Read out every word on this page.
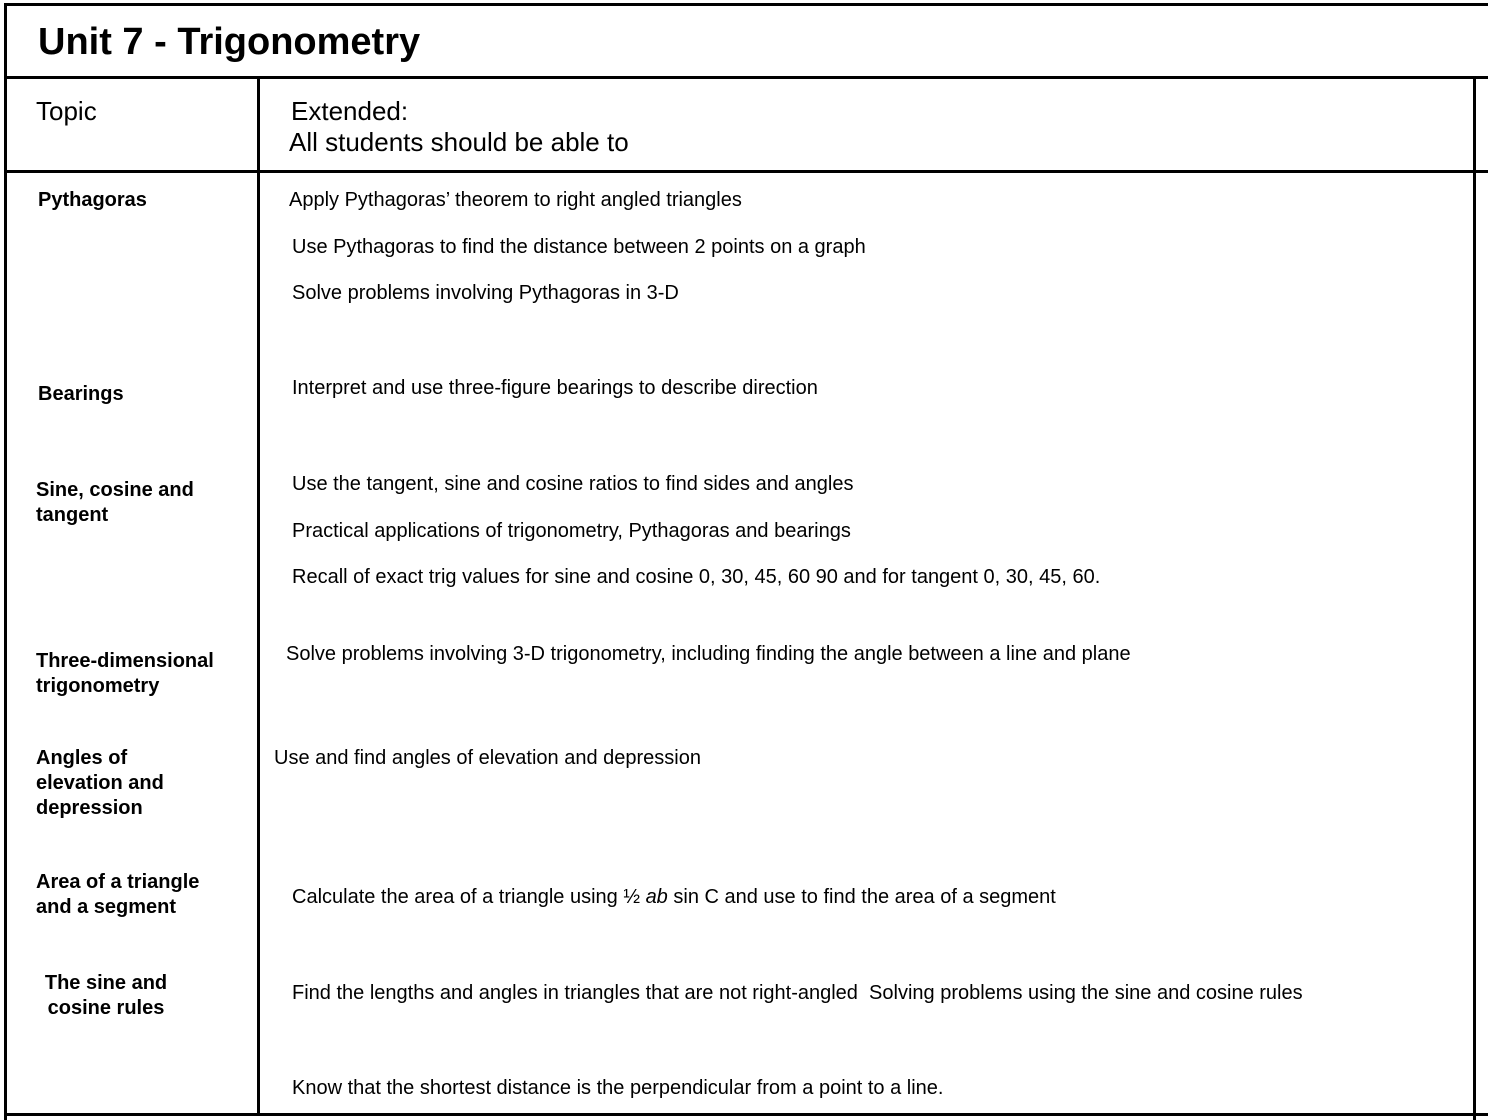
Unit 7 - Trigonometry
Topic	Extended:
All students should be able to
Pythagoras
Bearings
Sine, cosine and tangent
Three-dimensional trigonometry
Angles of elevation and depression
Area of a triangle and a segment
The sine and cosine rules
Apply Pythagoras’ theorem to right angled triangles
Use Pythagoras to find the distance between 2 points on a graph
Solve problems involving Pythagoras in 3-D
Interpret and use three-figure bearings to describe direction
Use the tangent, sine and cosine ratios to find sides and angles
Practical applications of trigonometry, Pythagoras and bearings
Recall of exact trig values for sine and cosine 0, 30, 45, 60 90 and for tangent 0, 30, 45, 60.
Solve problems involving 3-D trigonometry, including finding the angle between a line and plane
Use and find angles of elevation and depression
Calculate the area of a triangle using ½ ab sin C and use to find the area of a segment
Find the lengths and angles in triangles that are not right-angled  Solving problems using the sine and cosine rules
Know that the shortest distance is the perpendicular from a point to a line.
